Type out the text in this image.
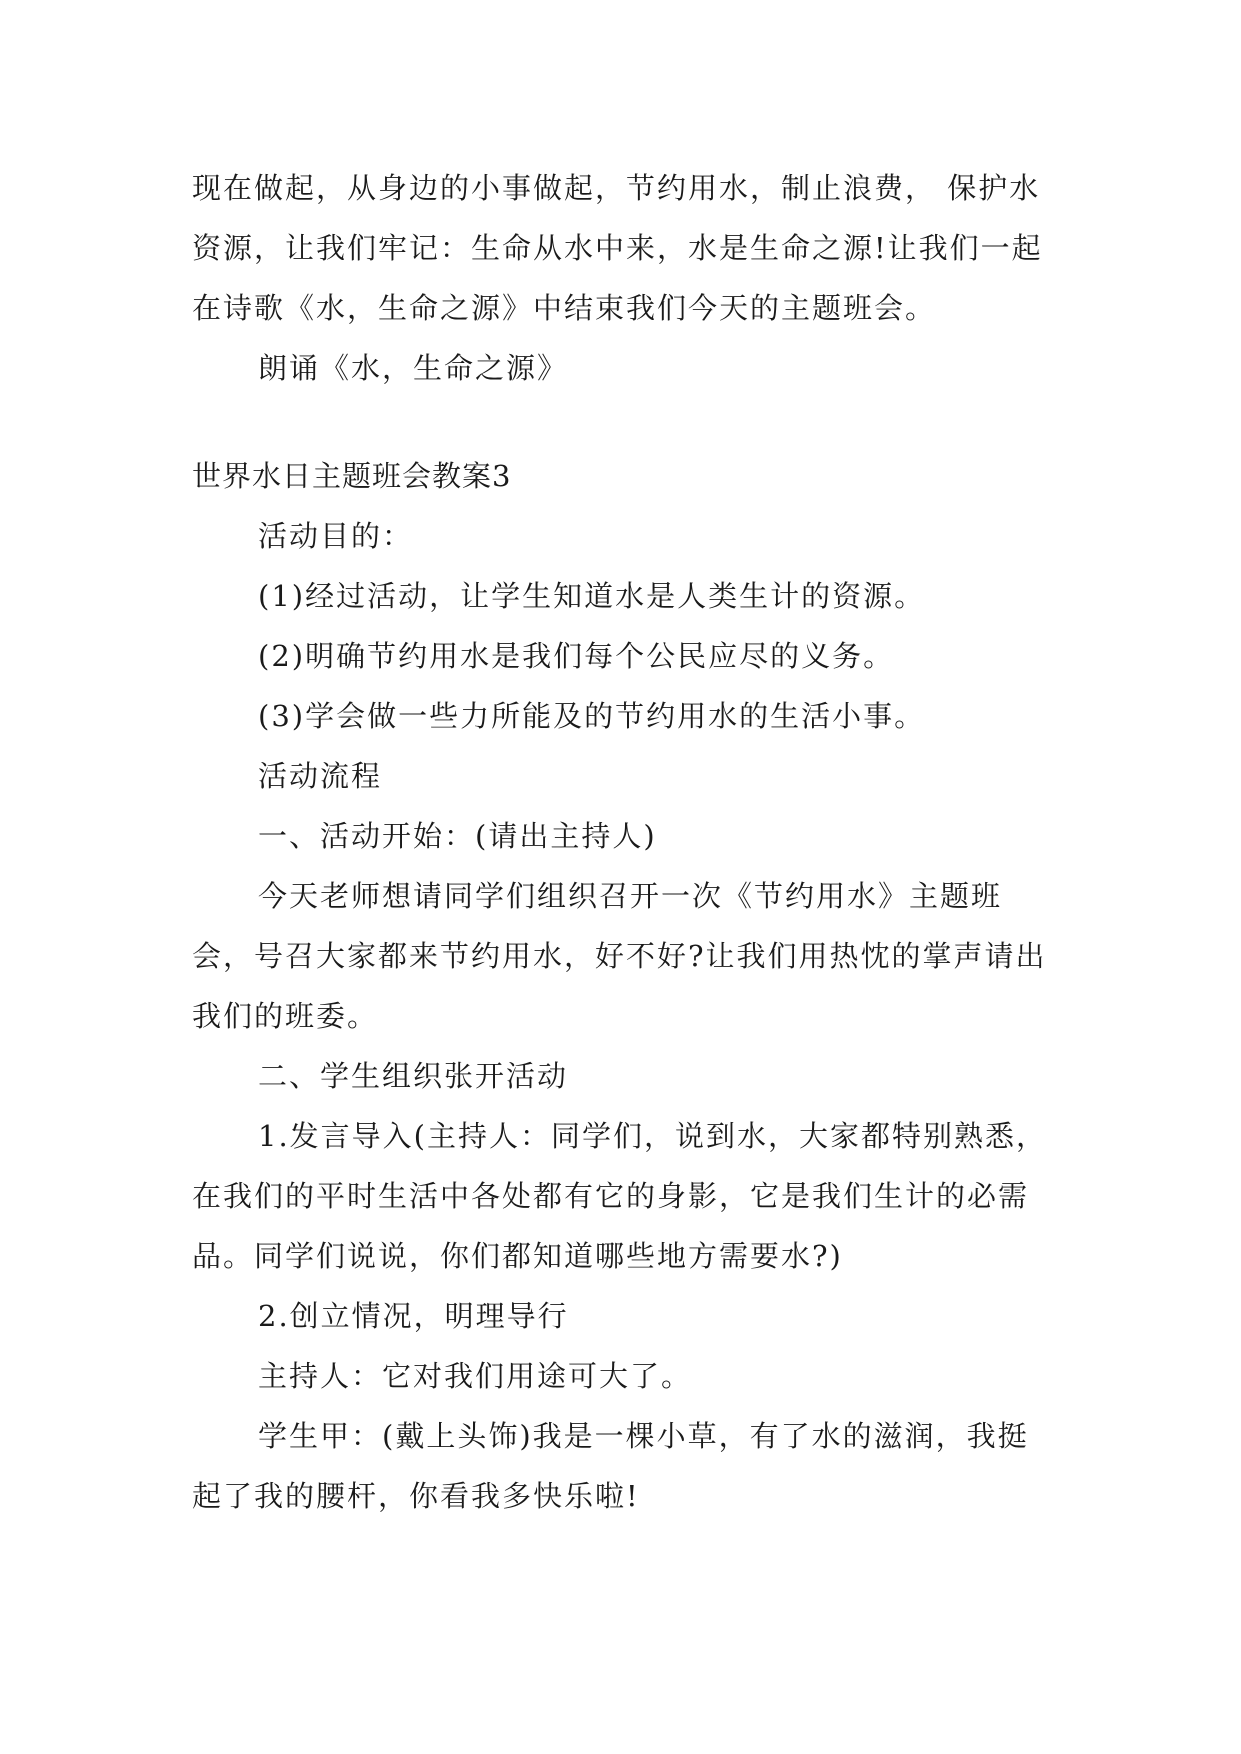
现在做起，从身边的小事做起，节约用水，制止浪费， 保护水资源，让我们牢记：生命从水中来，水是生命之源!让我们一起在诗歌《水，生命之源》中结束我们今天的主题班会。

朗诵《水，生命之源》

世界水日主题班会教案3

活动目的：

(1)经过活动，让学生知道水是人类生计的资源。

(2)明确节约用水是我们每个公民应尽的义务。

(3)学会做一些力所能及的节约用水的生活小事。

活动流程

一、活动开始：(请出主持人)

今天老师想请同学们组织召开一次《节约用水》主题班会，号召大家都来节约用水，好不好?让我们用热忱的掌声请出我们的班委。

二、学生组织张开活动

1.发言导入(主持人：同学们，说到水，大家都特别熟悉，在我们的平时生活中各处都有它的身影，它是我们生计的必需品。同学们说说，你们都知道哪些地方需要水?)

2.创立情况，明理导行

主持人：它对我们用途可大了。

学生甲：(戴上头饰)我是一棵小草，有了水的滋润，我挺起了我的腰杆，你看我多快乐啦!
